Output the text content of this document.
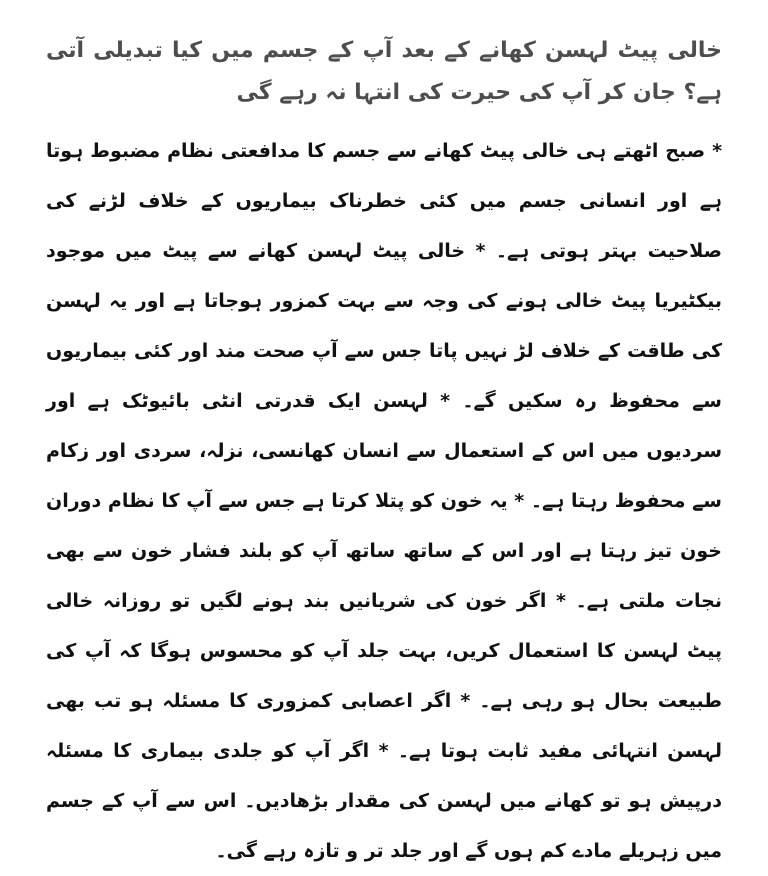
خالی پیٹ لہسن کھانے کے بعد آپ کے جسم میں کیا تبدیلی آتی ہے؟ جان کر آپ کی حیرت کی انتہا نہ رہے گی

* صبح اٹھتے ہی خالی پیٹ کھانے سے جسم کا مدافعتی نظام مضبوط ہوتا ہے اور انسانی جسم میں کئی خطرناک بیماریوں کے خلاف لڑنے کی صلاحیت بہتر ہوتی ہے۔ * خالی پیٹ لہسن کھانے سے پیٹ میں موجود بیکٹیریا پیٹ خالی ہونے کی وجہ سے بہت کمزور ہوجاتا ہے اور یہ لہسن کی طاقت کے خلاف لڑ نہیں پاتا جس سے آپ صحت مند اور کئی بیماریوں سے محفوظ رہ سکیں گے۔ * لہسن ایک قدرتی انٹی بائیوٹک ہے اور سردیوں میں اس کے استعمال سے انسان کھانسی، نزلہ، سردی اور زکام سے محفوظ رہتا ہے۔ * یہ خون کو پتلا کرتا ہے جس سے آپ کا نظام دوران خون تیز رہتا ہے اور اس کے ساتھ ساتھ آپ کو بلند فشار خون سے بھی نجات ملتی ہے۔ * اگر خون کی شریانیں بند ہونے لگیں تو روزانہ خالی پیٹ لہسن کا استعمال کریں، بہت جلد آپ کو محسوس ہوگا کہ آپ کی طبیعت بحال ہو رہی ہے۔ * اگر اعصابی کمزوری کا مسئلہ ہو تب بھی لہسن انتہائی مفید ثابت ہوتا ہے۔ * اگر آپ کو جلدی بیماری کا مسئلہ درپیش ہو تو کھانے میں لہسن کی مقدار بڑھادیں۔ اس سے آپ کے جسم میں زہریلے مادے کم ہوں گے اور جلد تر و تازہ رہے گی۔
